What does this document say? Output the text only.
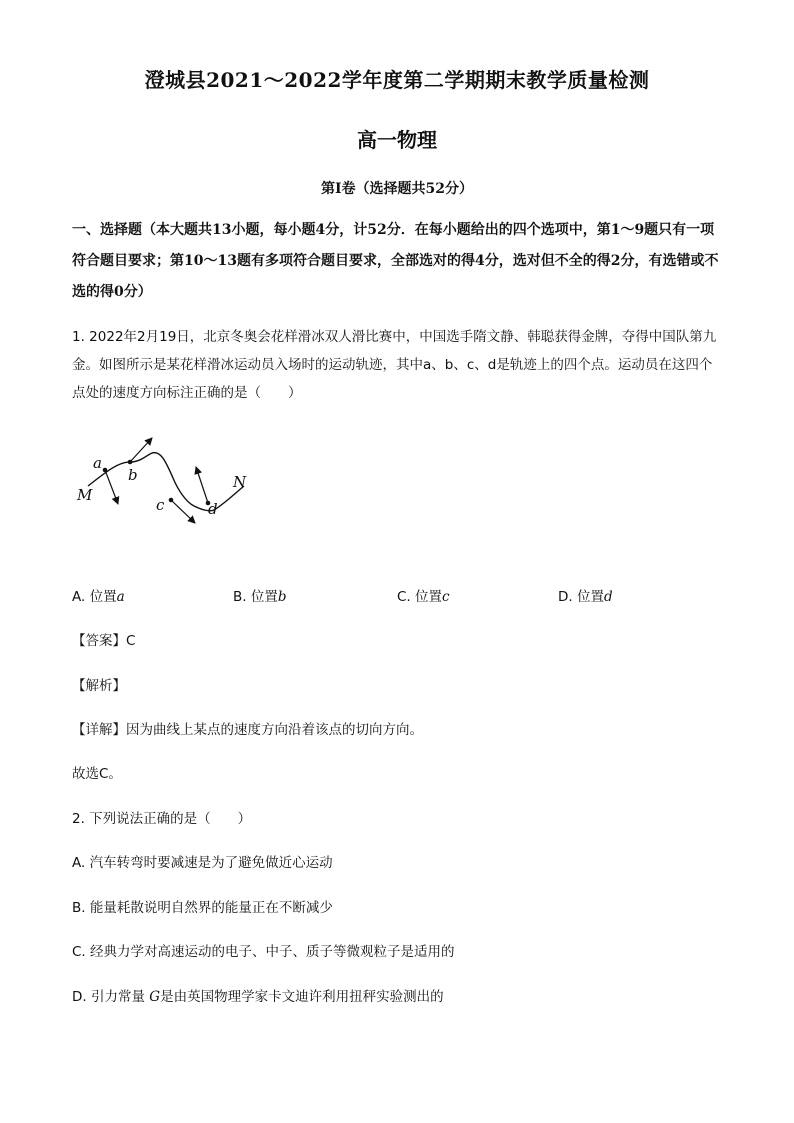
澄城县2021～2022学年度第二学期期末教学质量检测
高一物理
第I卷（选择题共52分）
一、选择题（本大题共13小题，每小题4分，计52分．在每小题给出的四个选项中，第1～9题只有一项符合题目要求；第10～13题有多项符合题目要求，全部选对的得4分，选对但不全的得2分，有选错或不选的得0分）
1. 2022年2月19日，北京冬奥会花样滑冰双人滑比赛中，中国选手隋文静、韩聪获得金牌，夺得中国队第九金。如图所示是某花样滑冰运动员入场时的运动轨迹，其中a、b、c、d是轨迹上的四个点。运动员在这四个点处的速度方向标注正确的是（　　）
M
a
b
c	d
N
A. 位置a	B. 位置b	C. 位置c	D. 位置d
【答案】C
【解析】
【详解】因为曲线上某点的速度方向沿着该点的切向方向。
故选C。
2. 下列说法正确的是（　　）
A. 汽车转弯时要减速是为了避免做近心运动
B. 能量耗散说明自然界的能量正在不断减少
C. 经典力学对高速运动的电子、中子、质子等微观粒子是适用的
D. 引力常量 G是由英国物理学家卡文迪许利用扭秤实验测出的
